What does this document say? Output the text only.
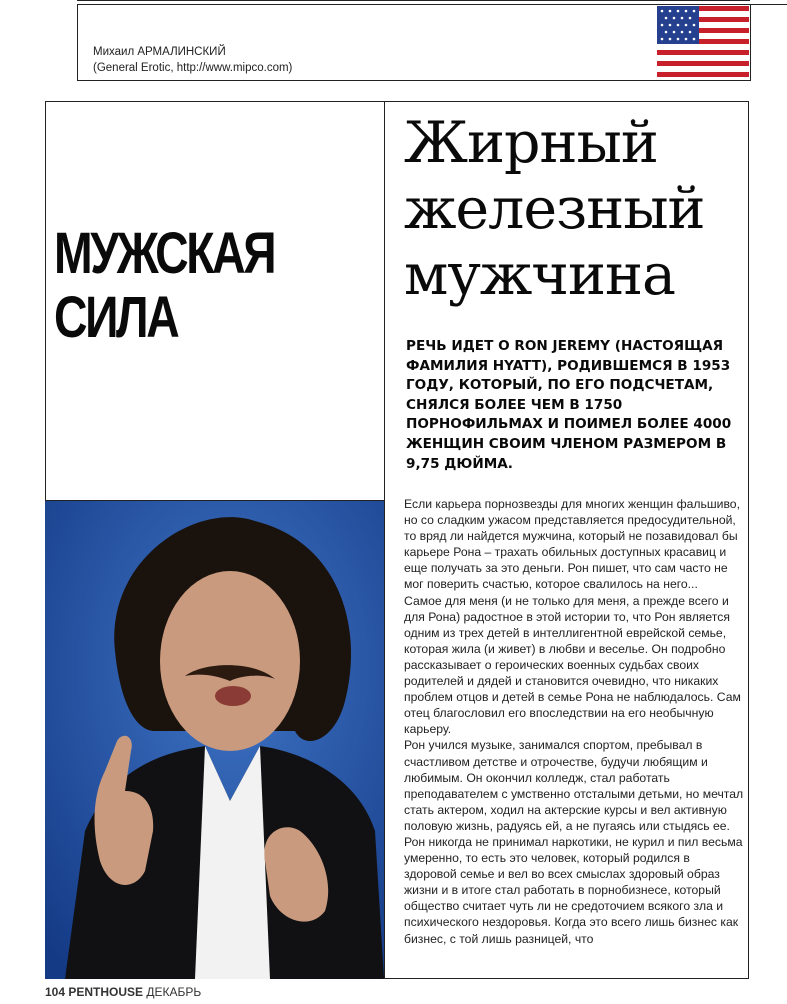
Михаил АРМАЛИНСКИЙ
(General Erotic, http://www.mipco.com)
МУЖСКАЯ СИЛА
Жирный железный мужчина
РЕЧЬ ИДЕТ О RON JEREMY (НАСТОЯЩАЯ ФАМИЛИЯ HYATT), РОДИВШЕМСЯ В 1953 ГОДУ, КОТОРЫЙ, ПО ЕГО ПОДСЧЕТАМ, СНЯЛСЯ БОЛЕЕ ЧЕМ В 1750 ПОРНОФИЛЬМАХ И ПОИМЕЛ БОЛЕЕ 4000 ЖЕНЩИН СВОИМ ЧЛЕНОМ РАЗМЕРОМ В 9,75 ДЮЙМА.

Если карьера порнозвезды для многих женщин фальшиво, но со сладким ужасом представляется предосудительной, то вряд ли найдется мужчина, который не позавидовал бы карьере Рона – трахать обильных доступных красавиц и еще получать за это деньги. Рон пишет, что сам часто не мог поверить счастью, которое свалилось на него...

Самое для меня (и не только для меня, а прежде всего и для Рона) радостное в этой истории то, что Рон является одним из трех детей в интеллигентной еврейской семье, которая жила (и живет) в любви и веселье. Он подробно рассказывает о героических военных судьбах своих родителей и дядей и становится очевидно, что никаких проблем отцов и детей в семье Рона не наблюдалось. Сам отец благословил его впоследствии на его необычную карьеру.

Рон учился музыке, занимался спортом, пребывал в счастливом детстве и отрочестве, будучи любящим и любимым. Он окончил колледж, стал работать преподавателем с умственно отсталыми детьми, но мечтал стать актером, ходил на актерские курсы и вел активную половую жизнь, радуясь ей, а не пугаясь или стыдясь ее. Рон никогда не принимал наркотики, не курил и пил весьма умеренно, то есть это человек, который родился в здоровой семье и вел во всех смыслах здоровый образ жизни и в итоге стал работать в порнобизнесе, который общество считает чуть ли не средоточием всякого зла и психического нездоровья. Когда это всего лишь бизнес как бизнес, с той лишь разницей, что

104 PENTHOUSE ДЕКАБРЬ
